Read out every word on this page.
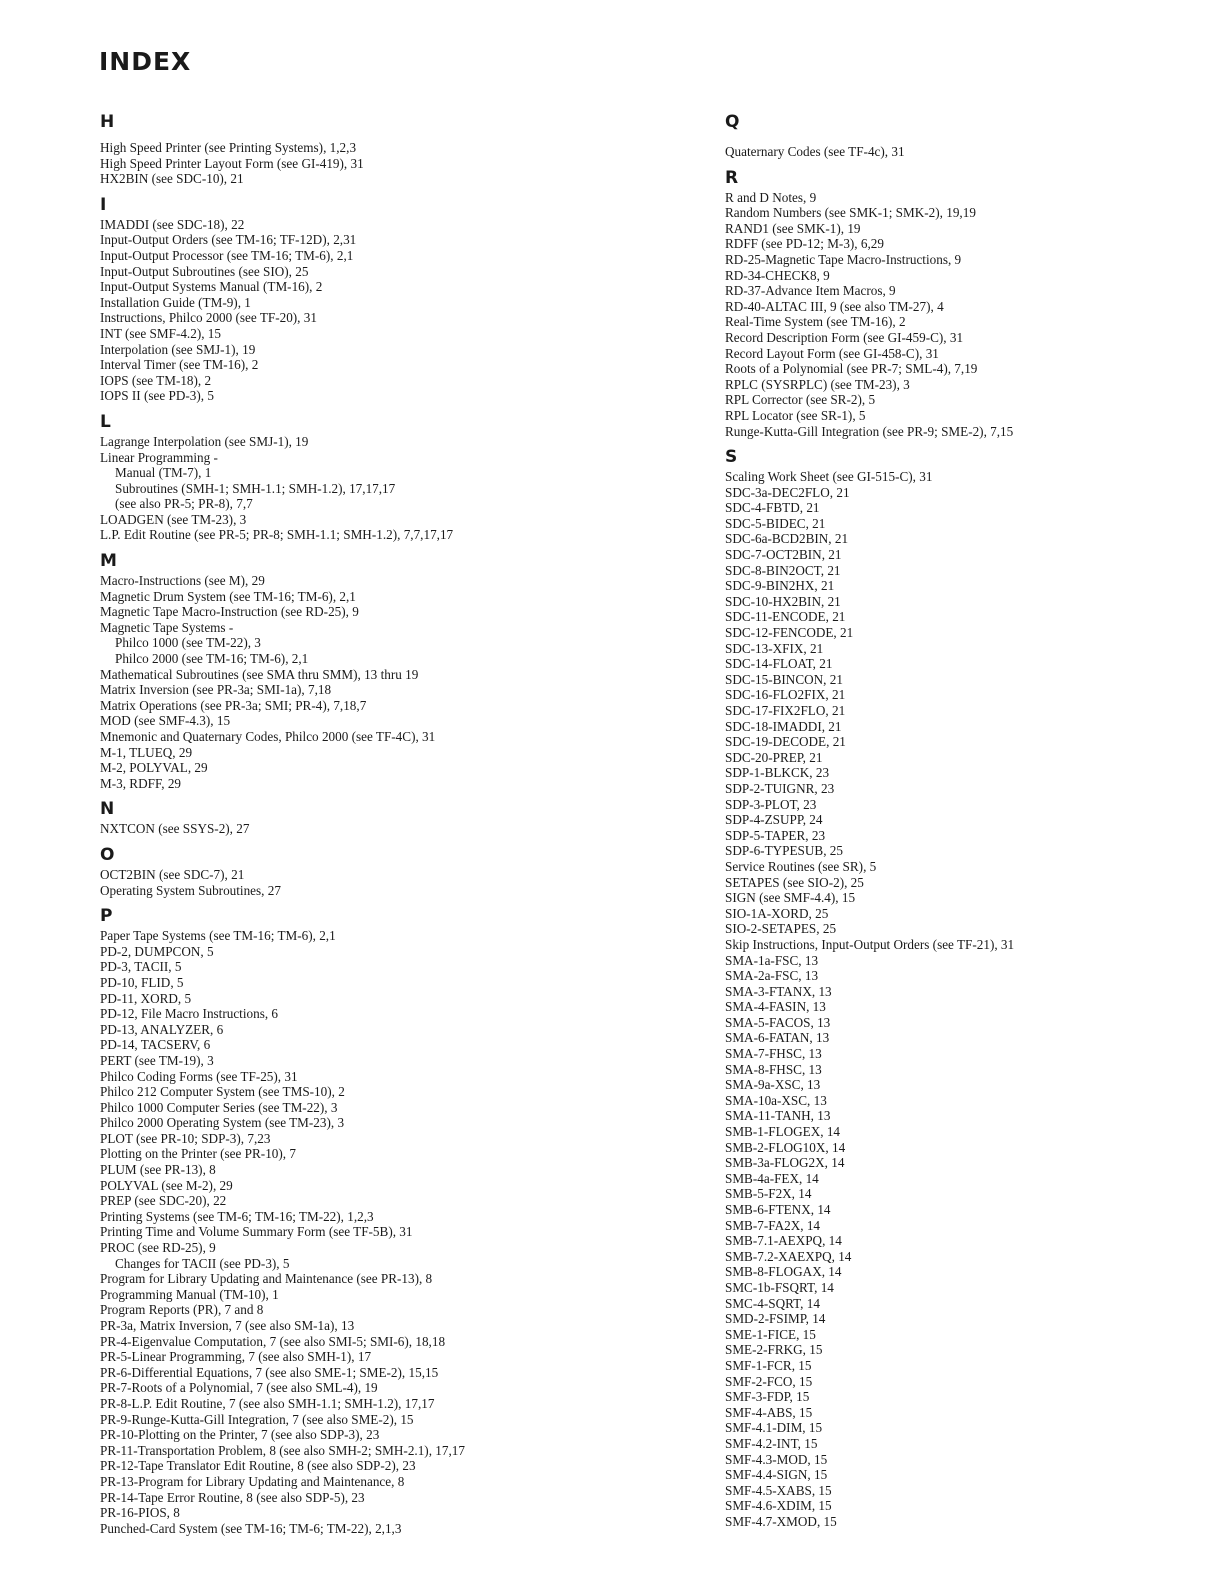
INDEX
H
High Speed Printer (see Printing Systems), 1,2,3
High Speed Printer Layout Form (see GI-419), 31
HX2BIN (see SDC-10), 21
I
IMADDI (see SDC-18), 22
Input-Output Orders (see TM-16; TF-12D), 2,31
Input-Output Processor (see TM-16; TM-6), 2,1
Input-Output Subroutines (see SIO), 25
Input-Output Systems Manual (TM-16), 2
Installation Guide (TM-9), 1
Instructions, Philco 2000 (see TF-20), 31
INT (see SMF-4.2), 15
Interpolation (see SMJ-1), 19
Interval Timer (see TM-16), 2
IOPS (see TM-18), 2
IOPS II (see PD-3), 5
L
Lagrange Interpolation (see SMJ-1), 19
Linear Programming -
Manual (TM-7), 1
Subroutines (SMH-1; SMH-1.1; SMH-1.2), 17,17,17
(see also PR-5; PR-8), 7,7
LOADGEN (see TM-23), 3
L.P. Edit Routine (see PR-5; PR-8; SMH-1.1; SMH-1.2), 7,7,17,17
M
Macro-Instructions (see M), 29
Magnetic Drum System (see TM-16; TM-6), 2,1
Magnetic Tape Macro-Instruction (see RD-25), 9
Magnetic Tape Systems -
Philco 1000 (see TM-22), 3
Philco 2000 (see TM-16; TM-6), 2,1
Mathematical Subroutines (see SMA thru SMM), 13 thru 19
Matrix Inversion (see PR-3a; SMI-1a), 7,18
Matrix Operations (see PR-3a; SMI; PR-4), 7,18,7
MOD (see SMF-4.3), 15
Mnemonic and Quaternary Codes, Philco 2000 (see TF-4C), 31
M-1, TLUEQ, 29
M-2, POLYVAL, 29
M-3, RDFF, 29
N
NXTCON (see SSYS-2), 27
O
OCT2BIN (see SDC-7), 21
Operating System Subroutines, 27
P
Paper Tape Systems (see TM-16; TM-6), 2,1
PD-2, DUMPCON, 5
PD-3, TACII, 5
PD-10, FLID, 5
PD-11, XORD, 5
PD-12, File Macro Instructions, 6
PD-13, ANALYZER, 6
PD-14, TACSERV, 6
PERT (see TM-19), 3
Philco Coding Forms (see TF-25), 31
Philco 212 Computer System (see TMS-10), 2
Philco 1000 Computer Series (see TM-22), 3
Philco 2000 Operating System (see TM-23), 3
PLOT (see PR-10; SDP-3), 7,23
Plotting on the Printer (see PR-10), 7
PLUM (see PR-13), 8
POLYVAL (see M-2), 29
PREP (see SDC-20), 22
Printing Systems (see TM-6; TM-16; TM-22), 1,2,3
Printing Time and Volume Summary Form (see TF-5B), 31
PROC (see RD-25), 9
Changes for TACII (see PD-3), 5
Program for Library Updating and Maintenance (see PR-13), 8
Programming Manual (TM-10), 1
Program Reports (PR), 7 and 8
PR-3a, Matrix Inversion, 7 (see also SM-1a), 13
PR-4-Eigenvalue Computation, 7 (see also SMI-5; SMI-6), 18,18
PR-5-Linear Programming, 7 (see also SMH-1), 17
PR-6-Differential Equations, 7 (see also SME-1; SME-2), 15,15
PR-7-Roots of a Polynomial, 7 (see also SML-4), 19
PR-8-L.P. Edit Routine, 7 (see also SMH-1.1; SMH-1.2), 17,17
PR-9-Runge-Kutta-Gill Integration, 7 (see also SME-2), 15
PR-10-Plotting on the Printer, 7 (see also SDP-3), 23
PR-11-Transportation Problem, 8 (see also SMH-2; SMH-2.1), 17,17
PR-12-Tape Translator Edit Routine, 8 (see also SDP-2), 23
PR-13-Program for Library Updating and Maintenance, 8
PR-14-Tape Error Routine, 8 (see also SDP-5), 23
PR-16-PIOS, 8
Punched-Card System (see TM-16; TM-6; TM-22), 2,1,3
Q
Quaternary Codes (see TF-4c), 31
R
R and D Notes, 9
Random Numbers (see SMK-1; SMK-2), 19,19
RAND1 (see SMK-1), 19
RDFF (see PD-12; M-3), 6,29
RD-25-Magnetic Tape Macro-Instructions, 9
RD-34-CHECK8, 9
RD-37-Advance Item Macros, 9
RD-40-ALTAC III, 9 (see also TM-27), 4
Real-Time System (see TM-16), 2
Record Description Form (see GI-459-C), 31
Record Layout Form (see GI-458-C), 31
Roots of a Polynomial (see PR-7; SML-4), 7,19
RPLC (SYSRPLC) (see TM-23), 3
RPL Corrector (see SR-2), 5
RPL Locator (see SR-1), 5
Runge-Kutta-Gill Integration (see PR-9; SME-2), 7,15
S
Scaling Work Sheet (see GI-515-C), 31
SDC-3a-DEC2FLO, 21
SDC-4-FBTD, 21
SDC-5-BIDEC, 21
SDC-6a-BCD2BIN, 21
SDC-7-OCT2BIN, 21
SDC-8-BIN2OCT, 21
SDC-9-BIN2HX, 21
SDC-10-HX2BIN, 21
SDC-11-ENCODE, 21
SDC-12-FENCODE, 21
SDC-13-XFIX, 21
SDC-14-FLOAT, 21
SDC-15-BINCON, 21
SDC-16-FLO2FIX, 21
SDC-17-FIX2FLO, 21
SDC-18-IMADDI, 21
SDC-19-DECODE, 21
SDC-20-PREP, 21
SDP-1-BLKCK, 23
SDP-2-TUIGNR, 23
SDP-3-PLOT, 23
SDP-4-ZSUPP, 24
SDP-5-TAPER, 23
SDP-6-TYPESUB, 25
Service Routines (see SR), 5
SETAPES (see SIO-2), 25
SIGN (see SMF-4.4), 15
SIO-1A-XORD, 25
SIO-2-SETAPES, 25
Skip Instructions, Input-Output Orders (see TF-21), 31
SMA-1a-FSC, 13
SMA-2a-FSC, 13
SMA-3-FTANX, 13
SMA-4-FASIN, 13
SMA-5-FACOS, 13
SMA-6-FATAN, 13
SMA-7-FHSC, 13
SMA-8-FHSC, 13
SMA-9a-XSC, 13
SMA-10a-XSC, 13
SMA-11-TANH, 13
SMB-1-FLOGEX, 14
SMB-2-FLOG10X, 14
SMB-3a-FLOG2X, 14
SMB-4a-FEX, 14
SMB-5-F2X, 14
SMB-6-FTENX, 14
SMB-7-FA2X, 14
SMB-7.1-AEXPQ, 14
SMB-7.2-XAEXPQ, 14
SMB-8-FLOGAX, 14
SMC-1b-FSQRT, 14
SMC-4-SQRT, 14
SMD-2-FSIMP, 14
SME-1-FICE, 15
SME-2-FRKG, 15
SMF-1-FCR, 15
SMF-2-FCO, 15
SMF-3-FDP, 15
SMF-4-ABS, 15
SMF-4.1-DIM, 15
SMF-4.2-INT, 15
SMF-4.3-MOD, 15
SMF-4.4-SIGN, 15
SMF-4.5-XABS, 15
SMF-4.6-XDIM, 15
SMF-4.7-XMOD, 15
